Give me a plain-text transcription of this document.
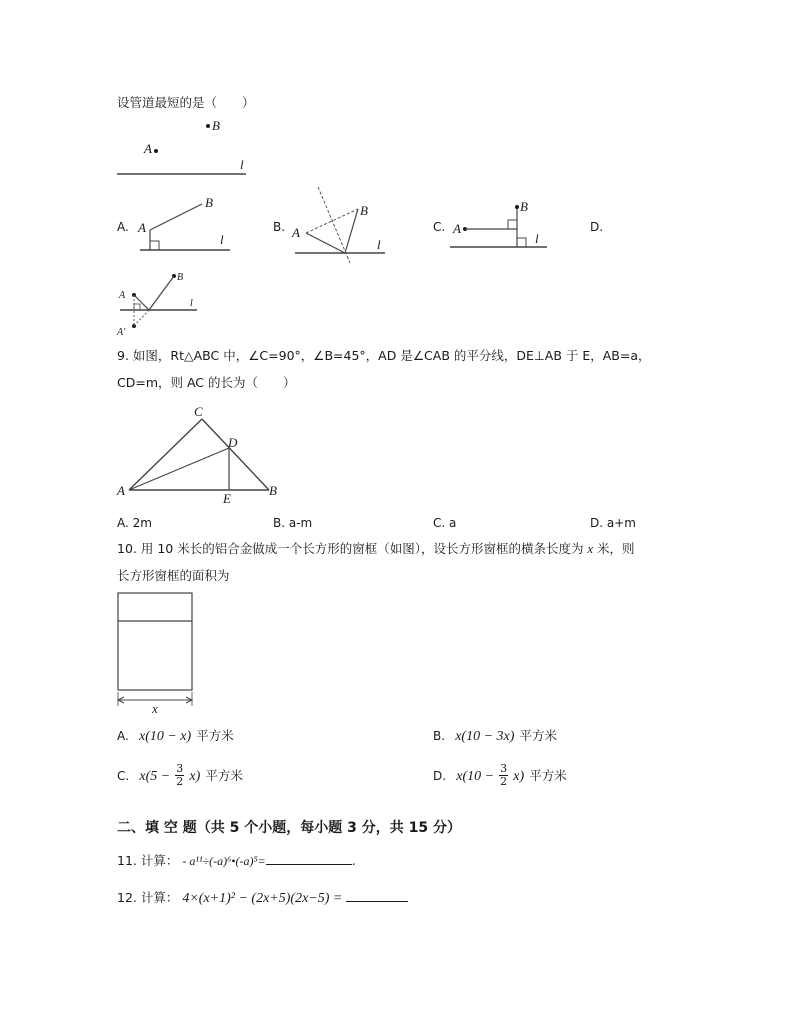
设管道最短的是（　　）
B
A
l
A.	B.	C.	D.
A
B
l	A
B
l
A
B
l
A
B
A′
l
9. 如图，Rt△ABC 中，∠C=90°，∠B=45°，AD 是∠CAB 的平分线，DE⊥AB 于 E，AB=a，
CD=m，则 AC 的长为（　　）
C
D
A	B
E
A. 2m	B. a-m	C. a	D. a+m
10. 用 10 米长的铝合金做成一个长方形的窗框（如图），设长方形窗框的横条长度为 x 米，则
长方形窗框的面积为
x
A. x(10 − x) 平方米	B. x(10 − 3x) 平方米
C. $x(5 - \frac{3}{2} x)$ 平方米	D. $x(10 - \frac{3}{2} x)$ 平方米
二、填 空 题（共 5 个小题，每小题 3 分，共 15 分）
11. 计算： - a¹¹÷(-a)⁶•(-a)⁵=	.
12. 计算： 4×(x+1)² − (2x+5)(2x−5) =
